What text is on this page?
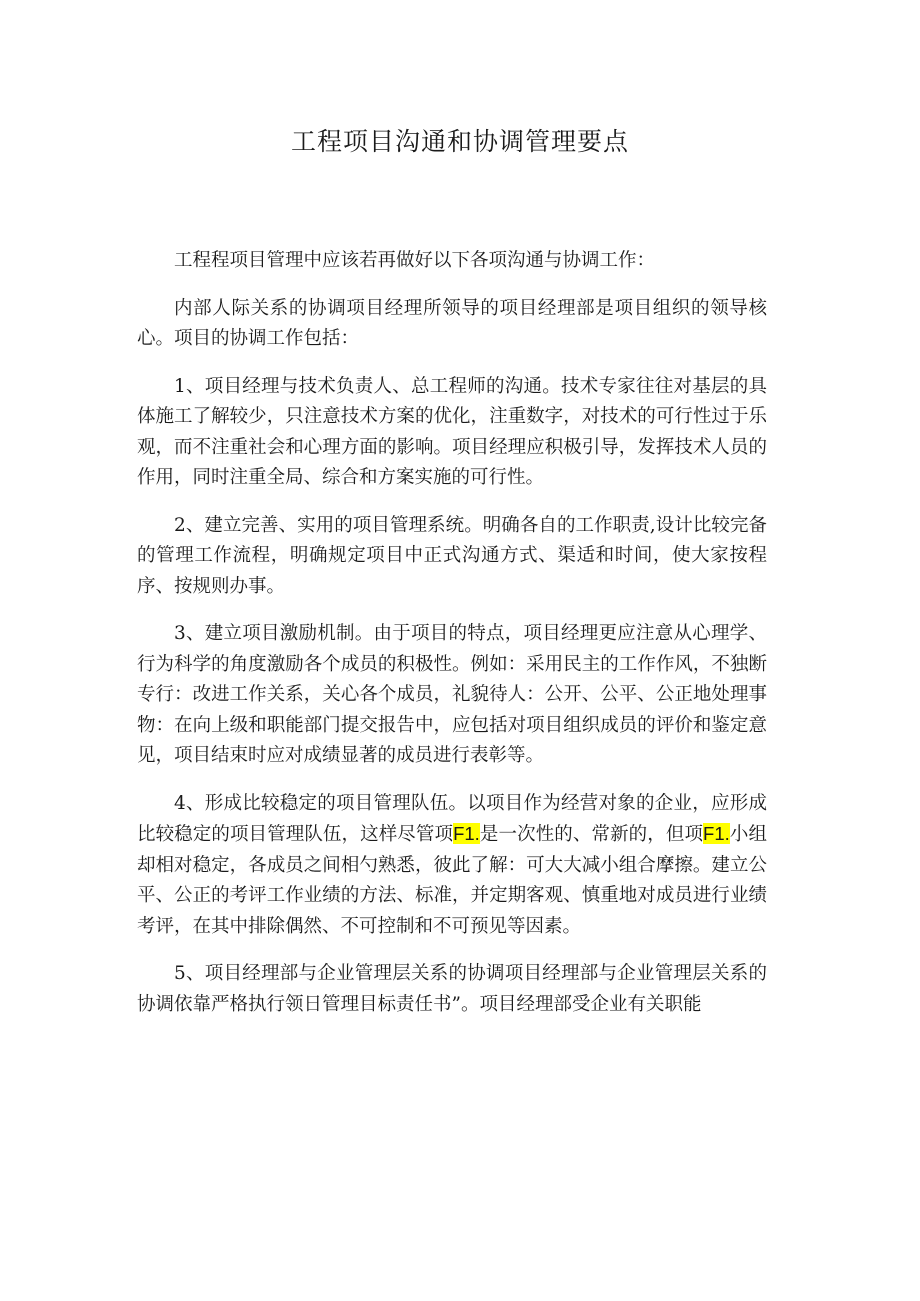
工程项目沟通和协调管理要点

工程程项目管理中应该若再做好以下各项沟通与协调工作：

内部人际关系的协调项目经理所领导的项目经理部是项目组织的领导核心。项目的协调工作包括：

1、项目经理与技术负责人、总工程师的沟通。技术专家往往对基层的具体施工了解较少，只注意技术方案的优化，注重数字，对技术的可行性过于乐观，而不注重社会和心理方面的影响。项目经理应积极引导，发挥技术人员的作用，同时注重全局、综合和方案实施的可行性。

2、建立完善、实用的项目管理系统。明确各自的工作职责,设计比较完备的管理工作流程，明确规定项目中正式沟通方式、渠适和时间，使大家按程序、按规则办事。

3、建立项目激励机制。由于项目的特点，项目经理更应注意从心理学、行为科学的角度激励各个成员的积极性。例如：采用民主的工作作风，不独断专行：改进工作关系，关心各个成员，礼貌待人：公开、公平、公正地处理事物：在向上级和职能部门提交报告中，应包括对项目组织成员的评价和鉴定意见，项目结束时应对成绩显著的成员进行表彰等。

4、形成比较稳定的项目管理队伍。以项目作为经营对象的企业，应形成比较稳定的项目管理队伍，这样尽管项F1.是一次性的、常新的，但项F1.小组却相对稳定，各成员之间相勺熟悉，彼此了解：可大大减小组合摩擦。建立公平、公正的考评工作业绩的方法、标准，并定期客观、慎重地对成员进行业绩考评，在其中排除偶然、不可控制和不可预见等因素。

5、项目经理部与企业管理层关系的协调项目经理部与企业管理层关系的协调依靠严格执行领日管理目标责任书”。项目经理部受企业有关职能
